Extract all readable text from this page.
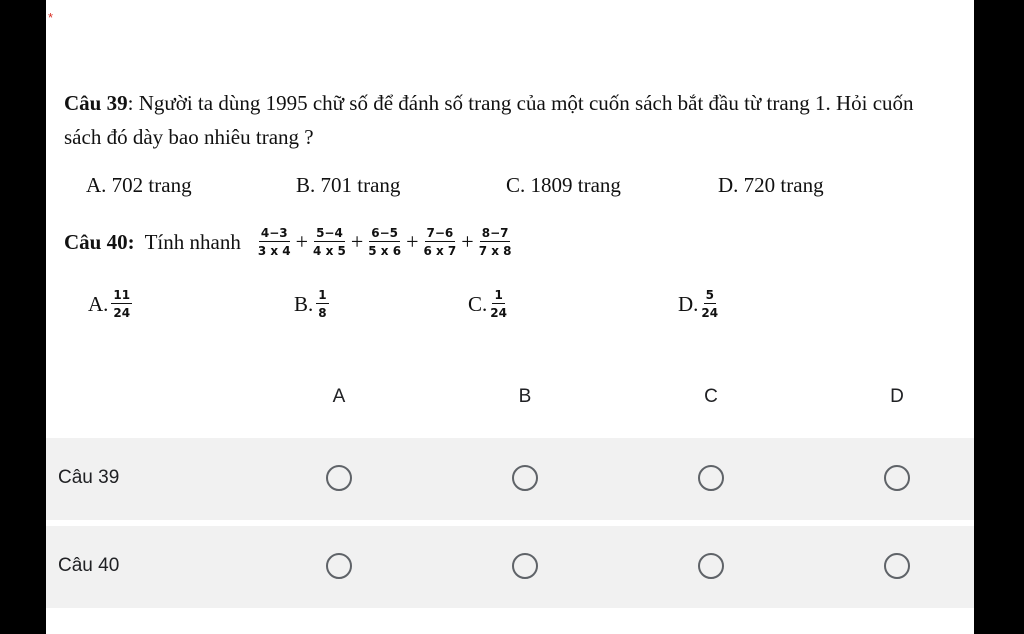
*
Câu 39: Người ta dùng 1995 chữ số để đánh số trang của một cuốn sách bắt đầu từ trang 1. Hỏi cuốn sách đó dày bao nhiêu trang ?
A. 702 trang	B. 701 trang	C. 1809 trang	D. 720 trang
Câu 40: Tính nhanh $\frac{4-3}{3 x 4} + \frac{5-4}{4 x 5} + \frac{6-5}{5 x 6} + \frac{7-6}{6 x 7} + \frac{8-7}{7 x 8}$
A. $\frac{11}{24}$	B. $\frac{1}{8}$	C. $\frac{1}{24}$	D. $\frac{5}{24}$
A	B	C	D
Câu 39
Câu 40
